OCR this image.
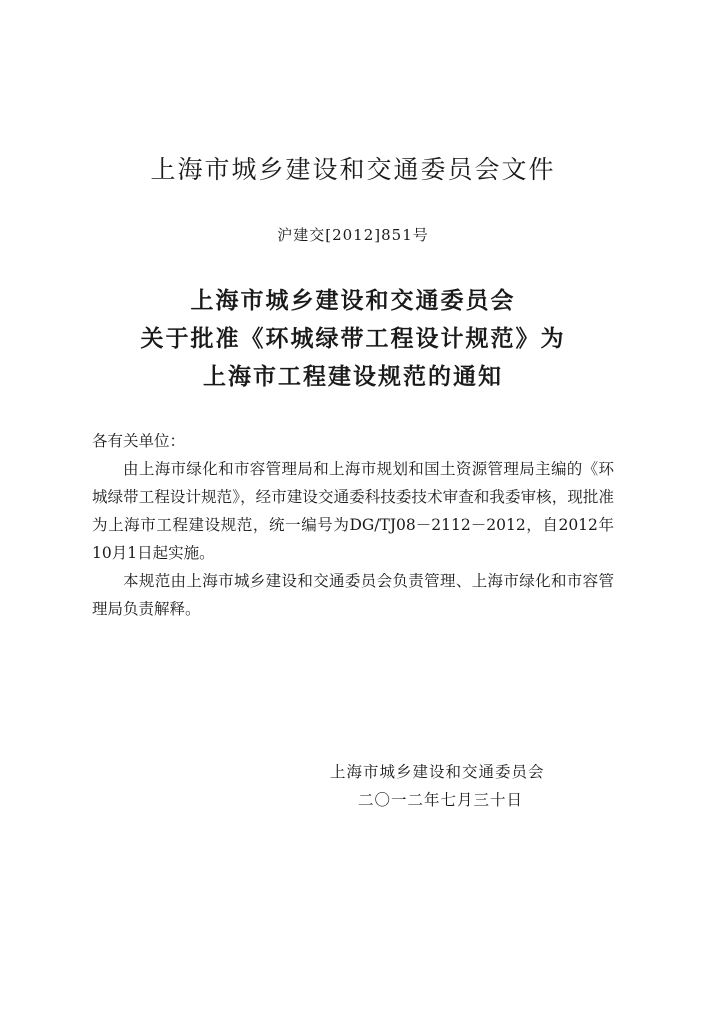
上海市城乡建设和交通委员会文件
沪建交[2012]851号
上海市城乡建设和交通委员会
关于批准《环城绿带工程设计规范》为
上海市工程建设规范的通知

各有关单位：

由上海市绿化和市容管理局和上海市规划和国土资源管理局主编的《环城绿带工程设计规范》，经市建设交通委科技委技术审查和我委审核，现批准为上海市工程建设规范，统一编号为DG/TJ08－2112－2012，自2012年10月1日起实施。

本规范由上海市城乡建设和交通委员会负责管理、上海市绿化和市容管理局负责解释。

上海市城乡建设和交通委员会
二〇一二年七月三十日
